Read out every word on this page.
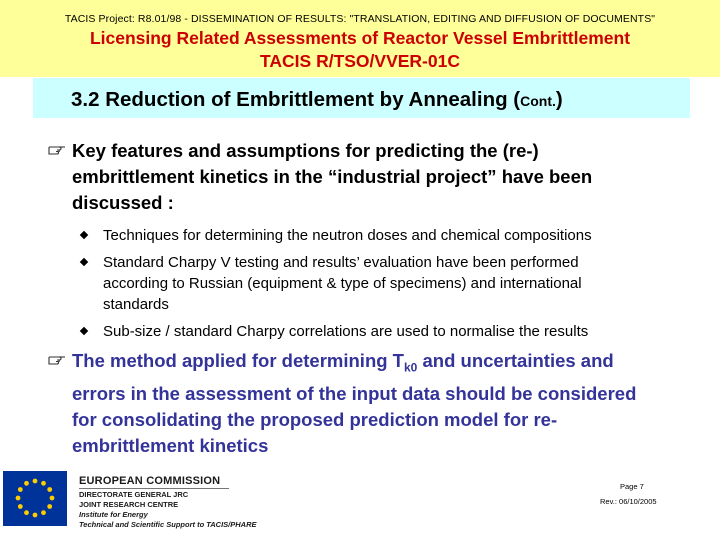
TACIS Project: R8.01/98 - DISSEMINATION OF RESULTS: "TRANSLATION, EDITING AND DIFFUSION OF DOCUMENTS"
Licensing Related Assessments of Reactor Vessel Embrittlement
TACIS R/TSO/VVER-01C
3.2 Reduction of Embrittlement by Annealing (Cont.)
Key features and assumptions for predicting the (re-)
embrittlement kinetics in the “industrial project” have been
discussed :
Techniques for determining the neutron doses and chemical compositions
Standard Charpy V testing and results’ evaluation have been performed
according to Russian (equipment & type of specimens) and international
standards
Sub-size / standard Charpy correlations are used to normalise the results
The method applied for determining $T_{k0}$ and uncertainties and
errors in the assessment of the input data should be considered
for consolidating the proposed prediction model for re-
embrittlement kinetics
EUROPEAN COMMISSION
DIRECTORATE GENERAL JRC
JOINT RESEARCH CENTRE
Institute for Energy
Technical and Scientific Support to TACIS/PHARE
Page 7
Rev.: 06/10/2005
